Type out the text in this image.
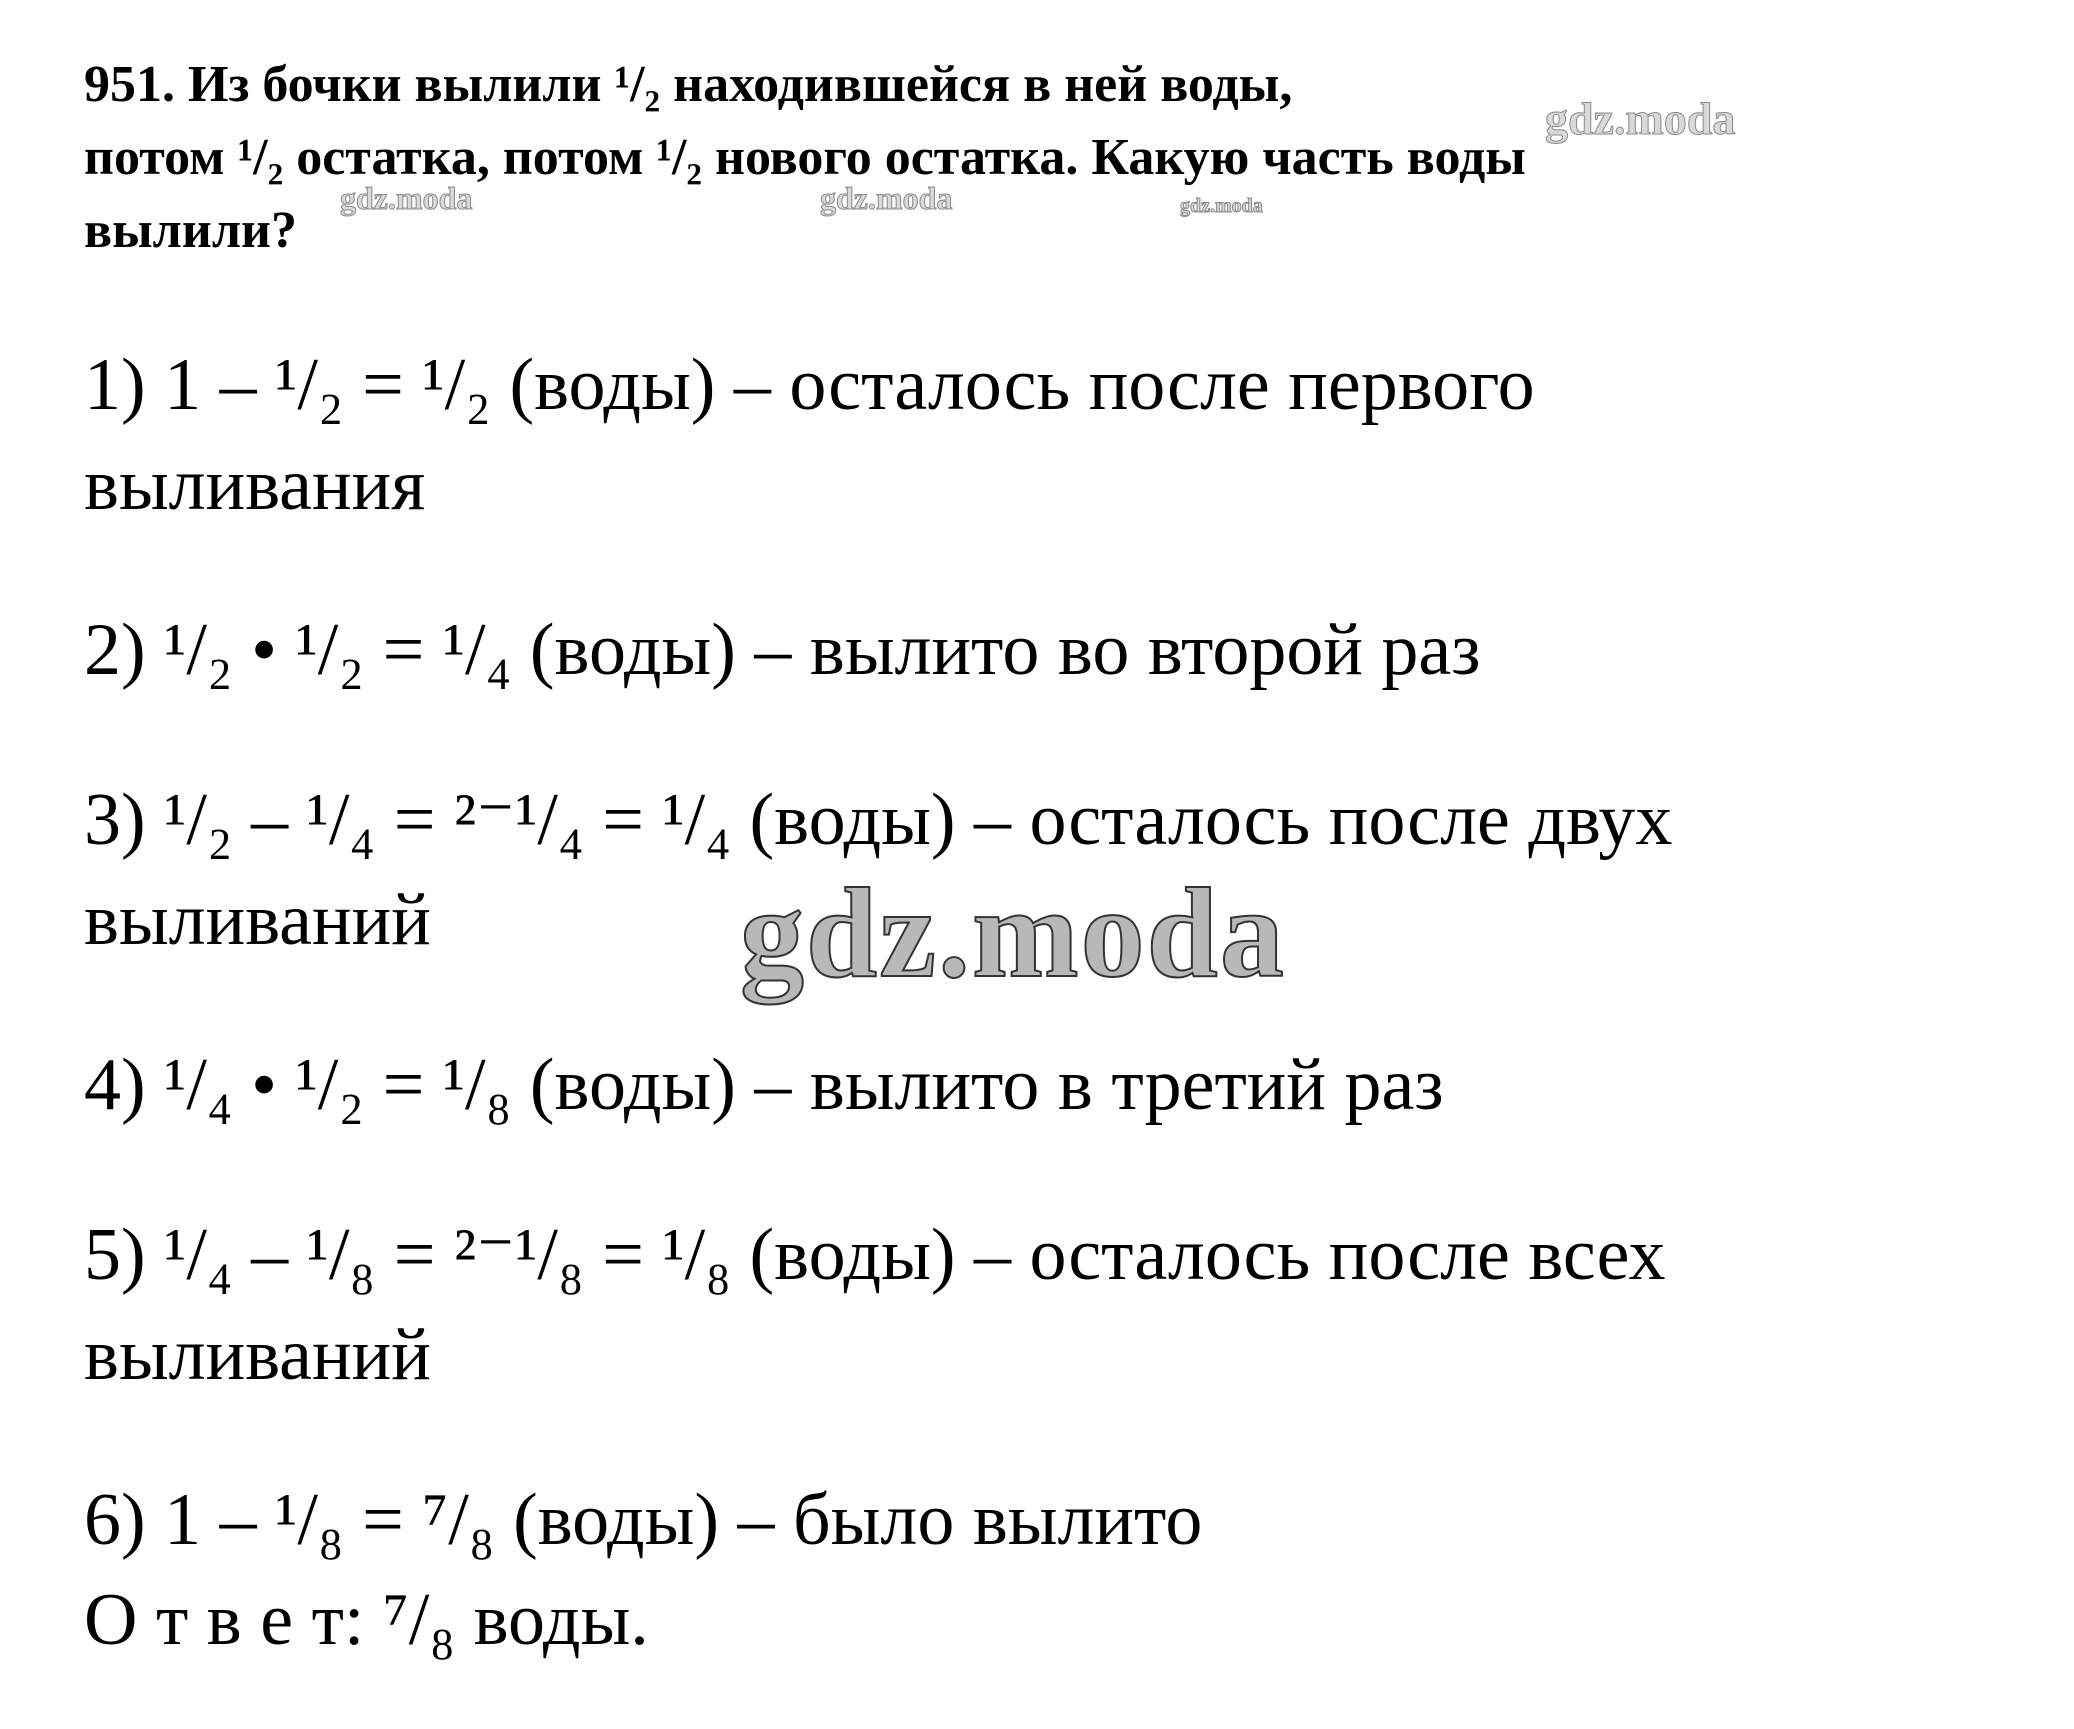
951. Из бочки вылили ¹/₂ находившейся в ней воды,
потом ¹/₂ остатка, потом ¹/₂ нового остатка. Какую часть воды
вылили?
1) 1 – ¹/₂ = ¹/₂ (воды) – осталось после первого
выливания
2) ¹/₂ • ¹/₂ = ¹/₄ (воды) – вылито во второй раз
3) ¹/₂ – ¹/₄ = ²⁻¹/₄ = ¹/₄ (воды) – осталось после двух
выливаний
4) ¹/₄ • ¹/₂ = ¹/₈ (воды) – вылито в третий раз
5) ¹/₄ – ¹/₈ = ²⁻¹/₈ = ¹/₈ (воды) – осталось после всех
выливаний
6) 1 – ¹/₈ = ⁷/₈ (воды) – было вылито
О т в е т: ⁷/₈ воды.
gdz.moda
gdz.moda	gdz.moda	gdz.moda
gdz.moda
